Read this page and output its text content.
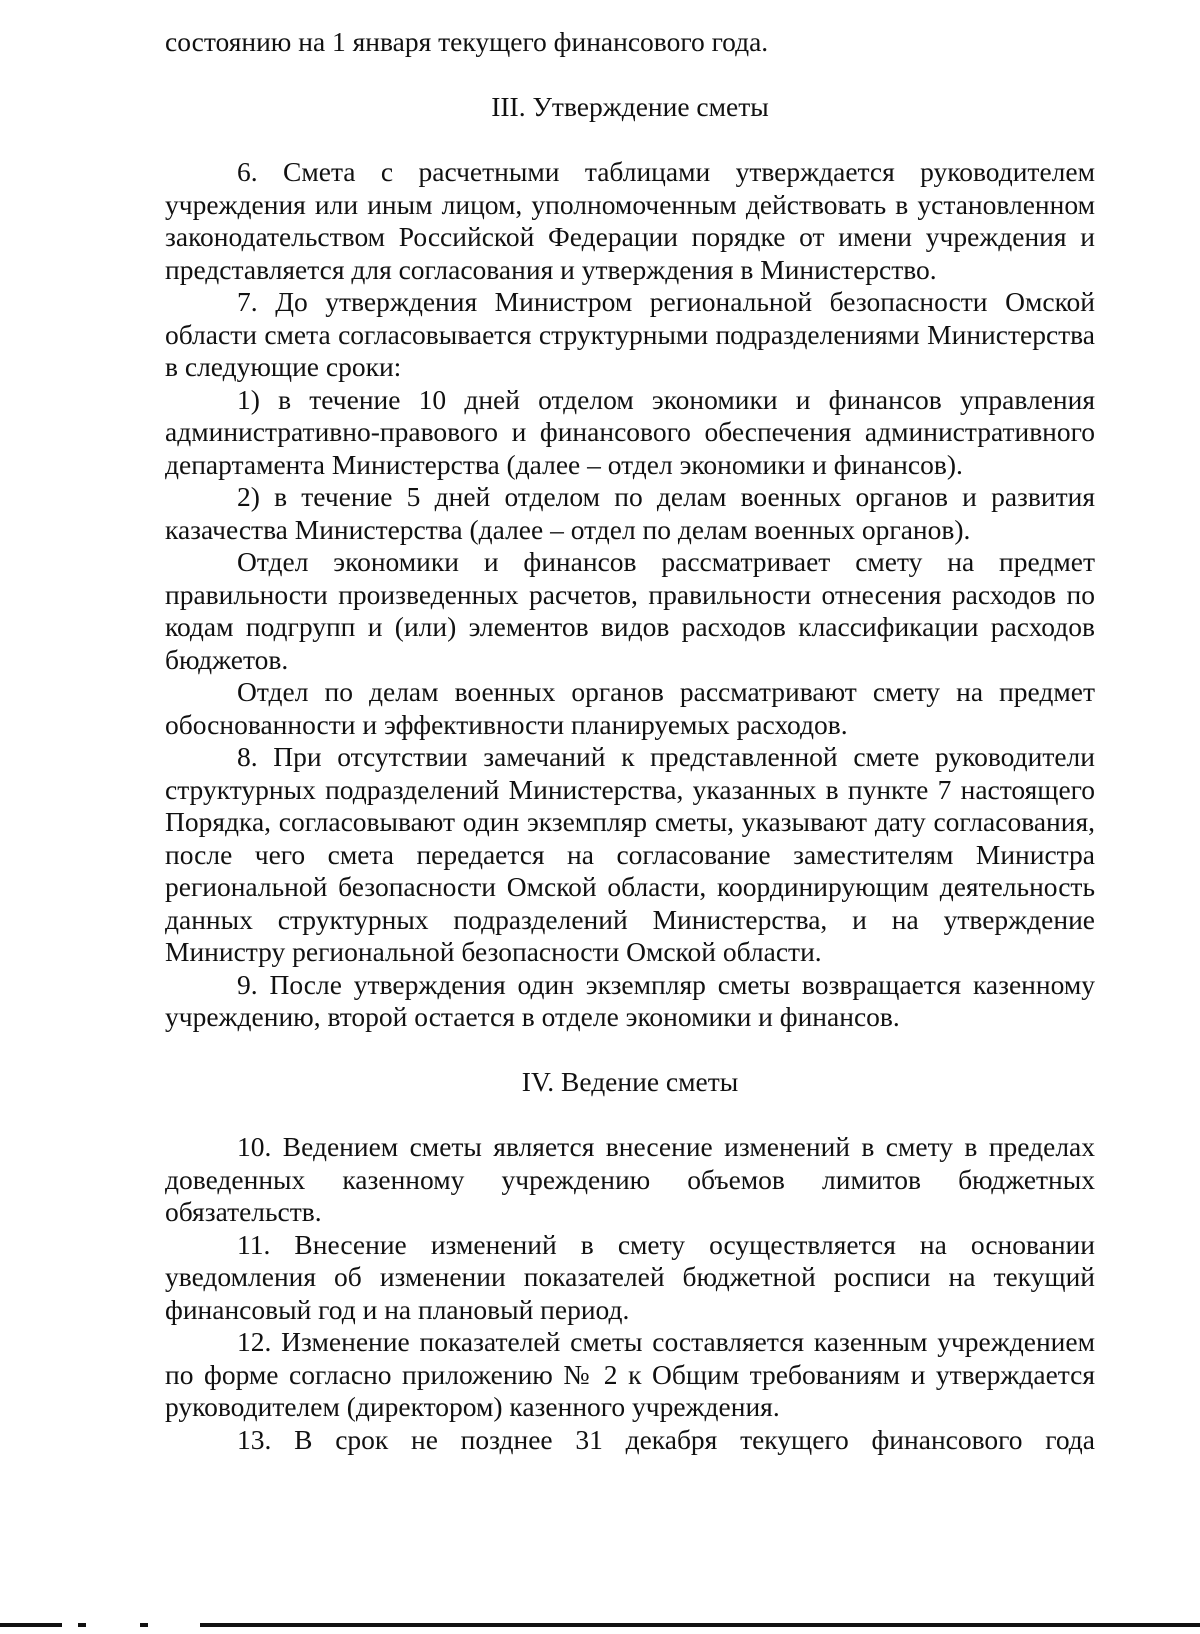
состоянию на 1 января текущего финансового года.

III. Утверждение сметы

6. Смета с расчетными таблицами утверждается руководителем учреждения или иным лицом, уполномоченным действовать в установленном законодательством Российской Федерации порядке от имени учреждения и представляется для согласования и утверждения в Министерство.

7. До утверждения Министром региональной безопасности Омской области смета согласовывается структурными подразделениями Министерства в следующие сроки:

1) в течение 10 дней отделом экономики и финансов управления административно-правового и финансового обеспечения административного департамента Министерства (далее – отдел экономики и финансов).

2) в течение 5 дней отделом по делам военных органов и развития казачества Министерства (далее – отдел по делам военных органов).

Отдел экономики и финансов рассматривает смету на предмет правильности произведенных расчетов, правильности отнесения расходов по кодам подгрупп и (или) элементов видов расходов классификации расходов бюджетов.

Отдел по делам военных органов рассматривают смету на предмет обоснованности и эффективности планируемых расходов.

8. При отсутствии замечаний к представленной смете руководители структурных подразделений Министерства, указанных в пункте 7 настоящего Порядка, согласовывают один экземпляр сметы, указывают дату согласования, после чего смета передается на согласование заместителям Министра региональной безопасности Омской области, координирующим деятельность данных структурных подразделений Министерства, и на утверждение Министру региональной безопасности Омской области.

9. После утверждения один экземпляр сметы возвращается казенному учреждению, второй остается в отделе экономики и финансов.

IV. Ведение сметы

10. Ведением сметы является внесение изменений в смету в пределах доведенных казенному учреждению объемов лимитов бюджетных обязательств.

11. Внесение изменений в смету осуществляется на основании уведомления об изменении показателей бюджетной росписи на текущий финансовый год и на плановый период.

12. Изменение показателей сметы составляется казенным учреждением по форме согласно приложению № 2 к Общим требованиям и утверждается руководителем (директором) казенного учреждения.

13. В срок не позднее 31 декабря текущего финансового года
